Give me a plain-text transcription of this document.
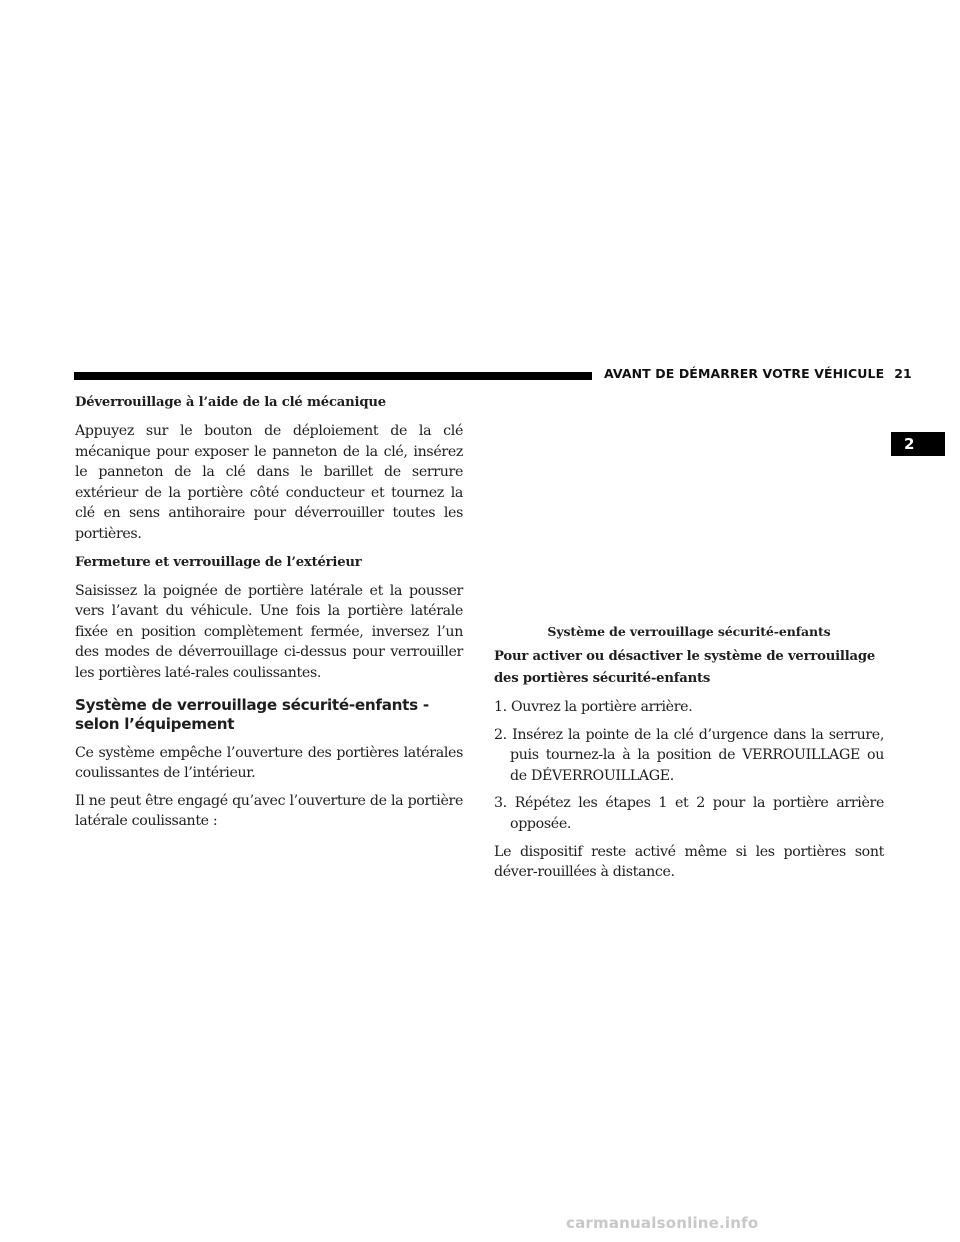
AVANT DE DÉMARRER VOTRE VÉHICULE 21
2
Déverrouillage à l’aide de la clé mécanique

Appuyez sur le bouton de déploiement de la clé mécanique pour exposer le panneton de la clé, insérez le panneton de la clé dans le barillet de serrure extérieur de la portière côté conducteur et tournez la clé en sens antihoraire pour déverrouiller toutes les portières.

Fermeture et verrouillage de l’extérieur

Saisissez la poignée de portière latérale et la pousser vers l’avant du véhicule. Une fois la portière latérale fixée en position complètement fermée, inversez l’un des modes de déverrouillage ci-dessus pour verrouiller les portières laté-rales coulissantes.

Système de verrouillage sécurité-enfants - selon l’équipement

Ce système empêche l’ouverture des portières latérales coulissantes de l’intérieur.

Il ne peut être engagé qu’avec l’ouverture de la portière latérale coulissante :

Système de verrouillage sécurité-enfants
Pour activer ou désactiver le système de verrouillage des portières sécurité-enfants
1. Ouvrez la portière arrière.
2. Insérez la pointe de la clé d’urgence dans la serrure, puis tournez-la à la position de VERROUILLAGE ou de DÉVERROUILLAGE.
3. Répétez les étapes 1 et 2 pour la portière arrière opposée.

Le dispositif reste activé même si les portières sont déver-rouillées à distance.

carmanualsonline.info
